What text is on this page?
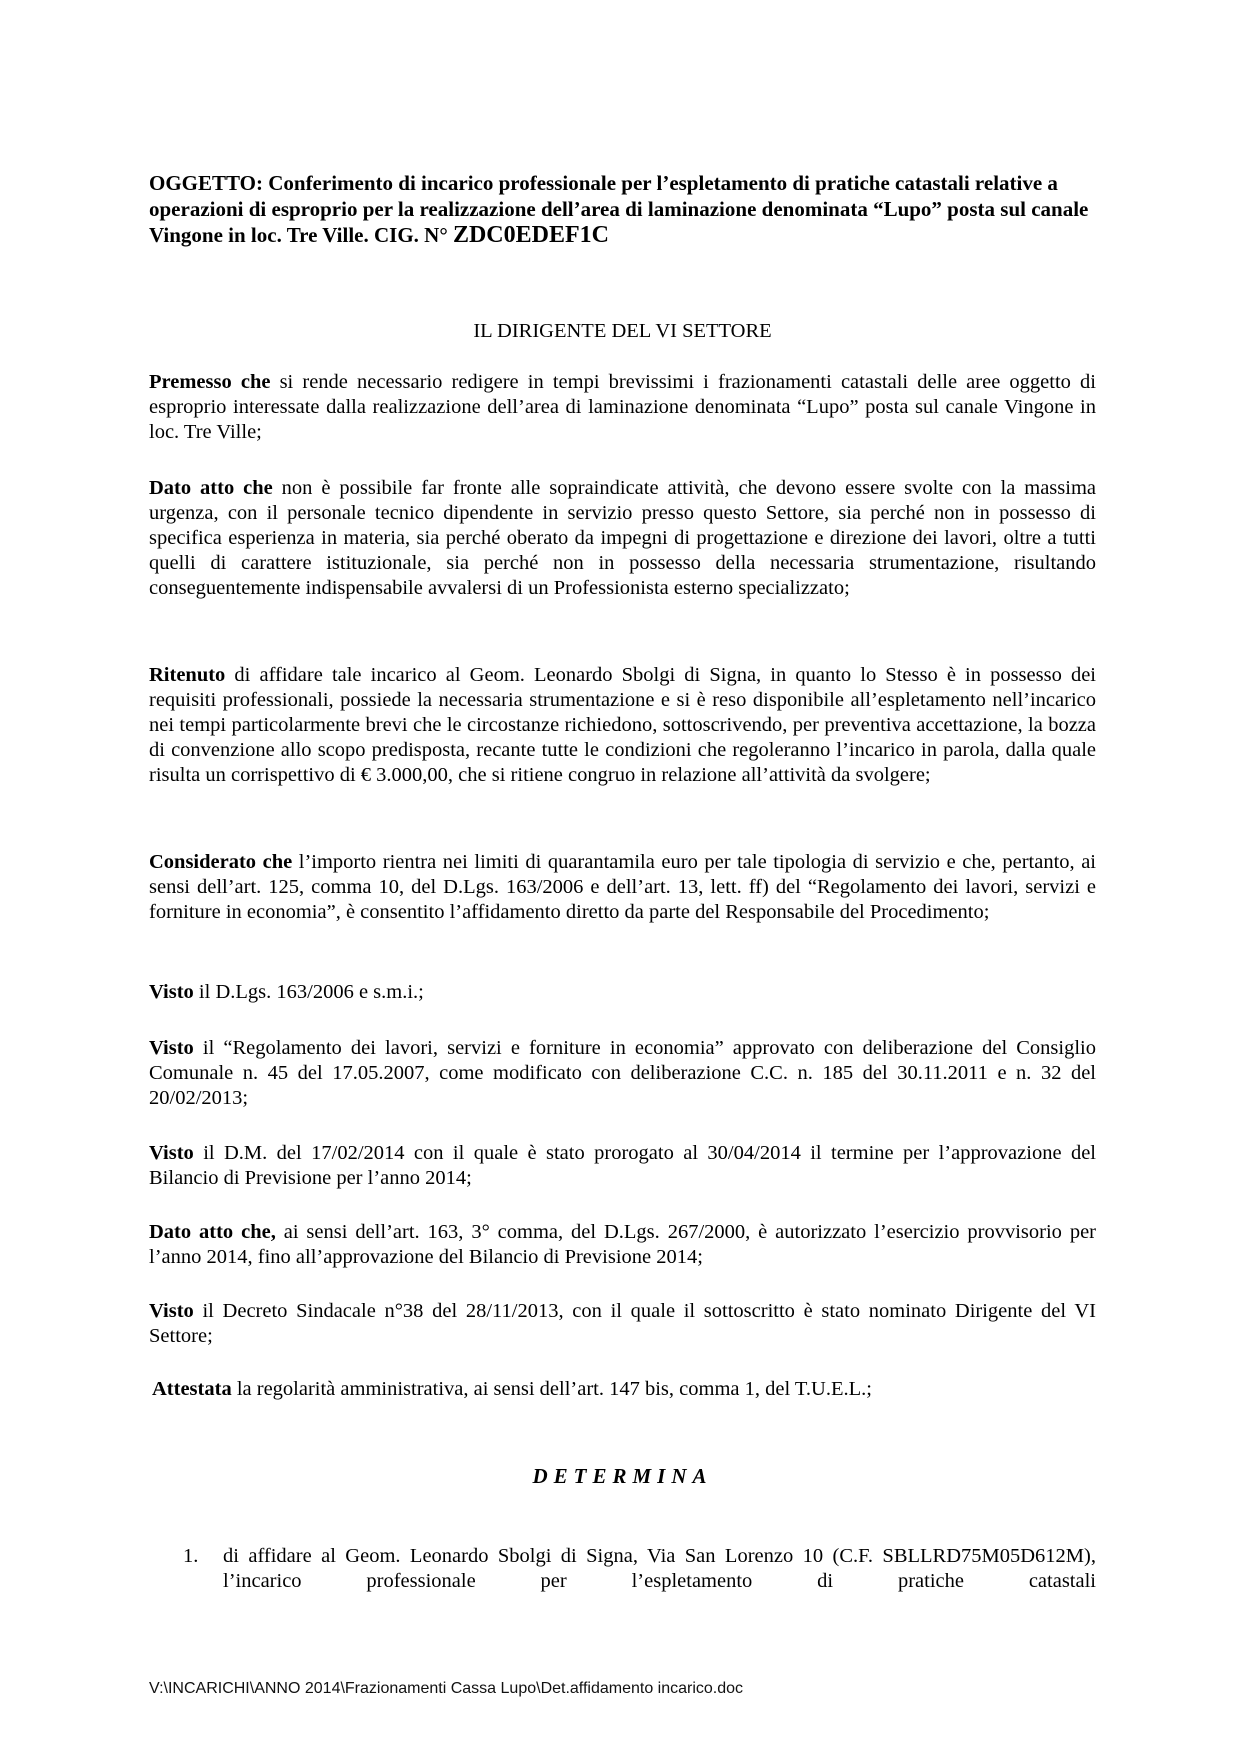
OGGETTO: Conferimento di incarico professionale per l’espletamento di pratiche catastali relative a operazioni di esproprio per la realizzazione dell’area di laminazione denominata “Lupo” posta sul canale Vingone in loc. Tre Ville. CIG. N° ZDC0EDEF1C
IL DIRIGENTE DEL VI SETTORE
Premesso che si rende necessario redigere in tempi brevissimi i frazionamenti catastali delle aree oggetto di esproprio interessate dalla realizzazione dell’area di laminazione denominata “Lupo” posta sul canale Vingone in loc. Tre Ville;
Dato atto che non è possibile far fronte alle sopraindicate attività, che devono essere svolte con la massima urgenza, con il personale tecnico dipendente in servizio presso questo Settore, sia perché non in possesso di specifica esperienza in materia, sia perché oberato da impegni di progettazione e direzione dei lavori, oltre a tutti quelli di carattere istituzionale, sia perché non in possesso della necessaria strumentazione, risultando conseguentemente indispensabile avvalersi di un Professionista esterno specializzato;
Ritenuto di affidare tale incarico al Geom. Leonardo Sbolgi di Signa, in quanto lo Stesso è in possesso dei requisiti professionali, possiede la necessaria strumentazione e si è reso disponibile all’espletamento nell’incarico nei tempi particolarmente brevi che le circostanze richiedono, sottoscrivendo, per preventiva accettazione, la bozza di convenzione allo scopo predisposta, recante tutte le condizioni che regoleranno l’incarico in parola, dalla quale risulta un corrispettivo di € 3.000,00, che si ritiene congruo in relazione all’attività da svolgere;
Considerato che l’importo rientra nei limiti di quarantamila euro per tale tipologia di servizio e che, pertanto, ai sensi dell’art. 125, comma 10, del D.Lgs. 163/2006 e dell’art. 13, lett. ff) del “Regolamento dei lavori, servizi e forniture in economia”, è consentito l’affidamento diretto da parte del Responsabile del Procedimento;
Visto il D.Lgs. 163/2006 e s.m.i.;
Visto il “Regolamento dei lavori, servizi e forniture in economia” approvato con deliberazione del Consiglio Comunale n. 45 del 17.05.2007, come modificato con deliberazione C.C. n. 185 del 30.11.2011 e n. 32 del 20/02/2013;
Visto il D.M. del 17/02/2014 con il quale è stato prorogato al 30/04/2014 il termine per l’approvazione del Bilancio di Previsione per l’anno 2014;
Dato atto che, ai sensi dell’art. 163, 3° comma, del D.Lgs. 267/2000, è autorizzato l’esercizio provvisorio per l’anno 2014, fino all’approvazione del Bilancio di Previsione 2014;
Visto il Decreto Sindacale n°38 del 28/11/2013, con il quale il sottoscritto è stato nominato Dirigente del VI Settore;
Attestata la regolarità amministrativa, ai sensi dell’art. 147 bis, comma 1, del T.U.E.L.;
DETERMINA
1. di affidare al Geom. Leonardo Sbolgi di Signa, Via San Lorenzo 10 (C.F. SBLLRD75M05D612M), l’incarico professionale per l’espletamento di pratiche catastali
V:\INCARICHI\ANNO 2014\Frazionamenti Cassa Lupo\Det.affidamento incarico.doc
